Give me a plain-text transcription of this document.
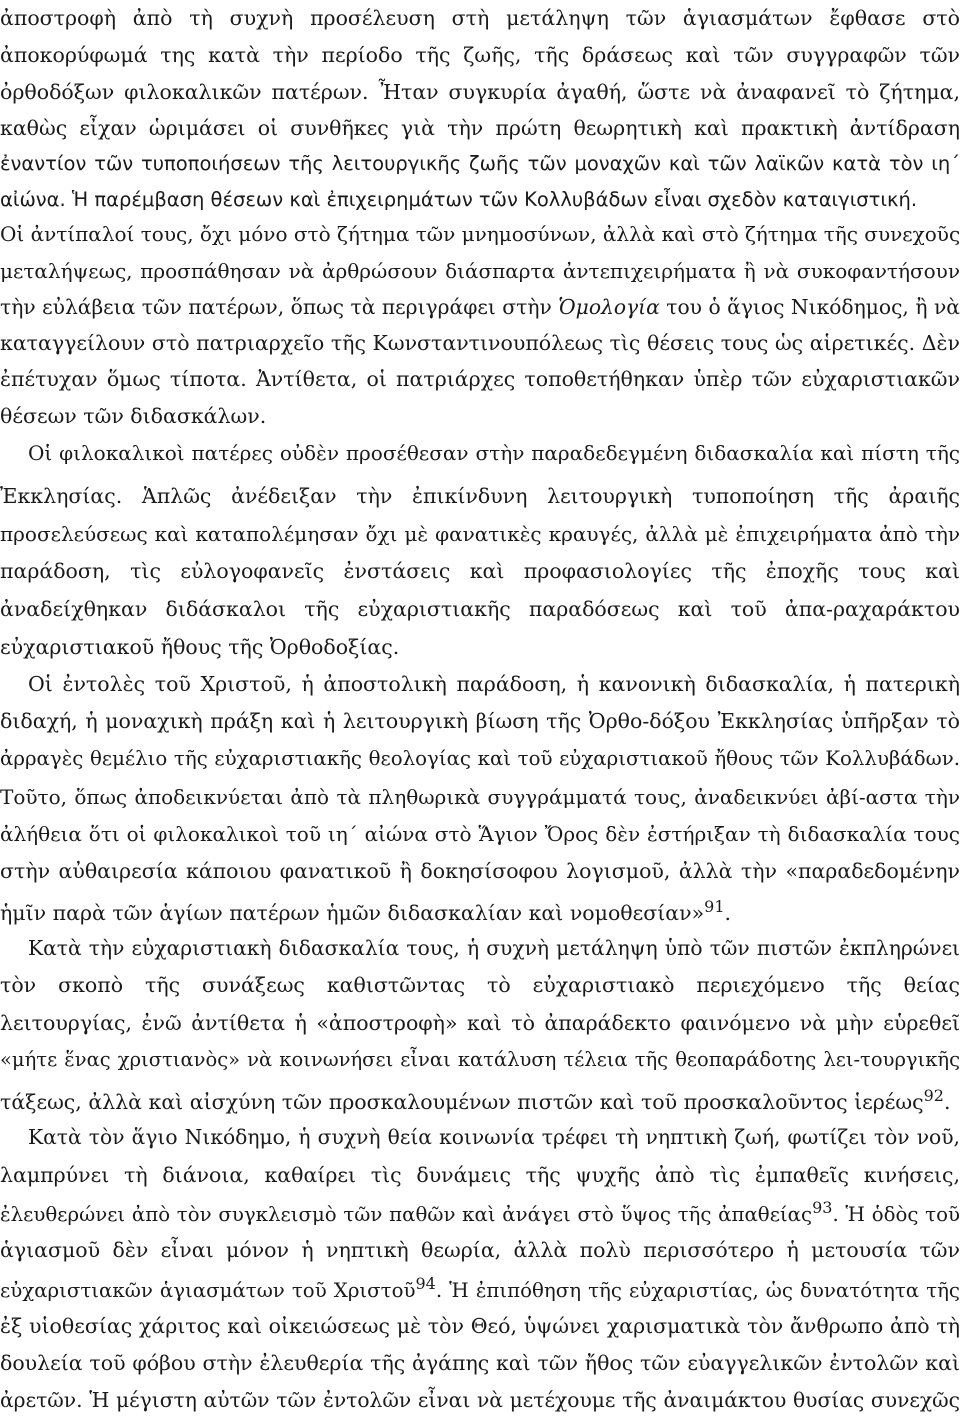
ἀποστροφὴ ἀπὸ τὴ συχνὴ προσέλευση στὴ μετάληψη τῶν ἁγιασμάτων ἔφθασε στὸ
ἀποκορύφωμά της κατὰ τὴν περίοδο τῆς ζωῆς, τῆς δράσεως καὶ τῶν συγγραφῶν τῶν
ὀρθοδόξων φιλοκαλικῶν πατέρων. Ἦταν συγκυρία ἀγαθή, ὥστε νὰ ἀναφανεῖ τὸ ζήτημα,
καθὼς εἶχαν ὡριμάσει οἱ συνθῆκες γιὰ τὴν πρώτη θεωρητικὴ καὶ πρακτικὴ ἀντίδραση
ἐναντίον τῶν τυποποιήσεων τῆς λειτουργικῆς ζωῆς τῶν μοναχῶν καὶ τῶν λαϊκῶν κατὰ τὸν ιη΄
αἰώνα. Ἡ παρέμβαση θέσεων καὶ ἐπιχειρημάτων τῶν Κολλυβάδων εἶναι σχεδὸν καταιγιστική.
Οἱ ἀντίπαλοί τους, ὄχι μόνο στὸ ζήτημα τῶν μνημοσύνων, ἀλλὰ καὶ στὸ ζήτημα τῆς συνεχοῦς
μεταλήψεως, προσπάθησαν νὰ ἀρθρώσουν διάσπαρτα ἀντεπιχειρήματα ἢ νὰ συκοφαντήσουν
τὴν εὐλάβεια τῶν πατέρων, ὅπως τὰ περιγράφει στὴν Ὁμολογία του ὁ ἅγιος Νικόδημος, ἢ νὰ
καταγγείλουν στὸ πατριαρχεῖο τῆς Κωνσταντινουπόλεως τὶς θέσεις τους ὡς αἱρετικές. Δὲν
ἐπέτυχαν ὅμως τίποτα. Ἀντίθετα, οἱ πατριάρχες τοποθετήθηκαν ὑπὲρ τῶν εὐχαριστιακῶν
θέσεων τῶν διδασκάλων.
Οἱ φιλοκαλικοὶ πατέρες οὐδὲν προσέθεσαν στὴν παραδεδεγμένη διδασκαλία καὶ πίστη τῆς
Ἐκκλησίας. Ἁπλῶς ἀνέδειξαν τὴν ἐπικίνδυνη λειτουργικὴ τυποποίηση τῆς ἀραιῆς
προσελεύσεως καὶ καταπολέμησαν ὄχι μὲ φανατικὲς κραυγές, ἀλλὰ μὲ ἐπιχειρήματα ἀπὸ τὴν
παράδοση, τὶς εὐλογοφανεῖς ἐνστάσεις καὶ προφασιολογίες τῆς ἐποχῆς τους καὶ
ἀναδείχθηκαν διδάσκαλοι τῆς εὐχαριστιακῆς παραδόσεως καὶ τοῦ ἀπα-ραχαράκτου
εὐχαριστιακοῦ ἤθους τῆς Ὀρθοδοξίας.
Οἱ ἐντολὲς τοῦ Χριστοῦ, ἡ ἀποστολικὴ παράδοση, ἡ κανονικὴ διδασκαλία, ἡ πατερικὴ
διδαχή, ἡ μοναχικὴ πράξη καὶ ἡ λειτουργικὴ βίωση τῆς Ὀρθο-δόξου Ἐκκλησίας ὑπῆρξαν τὸ
ἀρραγὲς θεμέλιο τῆς εὐχαριστιακῆς θεολογίας καὶ τοῦ εὐχαριστιακοῦ ἤθους τῶν Κολλυβάδων.
Τοῦτο, ὅπως ἀποδεικνύεται ἀπὸ τὰ πληθωρικὰ συγγράμματά τους, ἀναδεικνύει ἀβί-αστα τὴν
ἀλήθεια ὅτι οἱ φιλοκαλικοὶ τοῦ ιη΄ αἰώνα στὸ Ἅγιον Ὄρος δὲν ἐστήριξαν τὴ διδασκαλία τους
στὴν αὐθαιρεσία κάποιου φανατικοῦ ἢ δοκησίσοφου λογισμοῦ, ἀλλὰ τὴν «παραδεδομένην
ἡμῖν παρὰ τῶν ἁγίων πατέρων ἡμῶν διδασκαλίαν καὶ νομοθεσίαν»$^{91}$.
Κατὰ τὴν εὐχαριστιακὴ διδασκαλία τους, ἡ συχνὴ μετάληψη ὑπὸ τῶν πιστῶν ἐκπληρώνει
τὸν σκοπὸ τῆς συνάξεως καθιστῶντας τὸ εὐχαριστιακὸ περιεχόμενο τῆς θείας
λειτουργίας, ἐνῶ ἀντίθετα ἡ «ἀποστροφὴ» καὶ τὸ ἀπαράδεκτο φαινόμενο νὰ μὴν εὑρεθεῖ
«μήτε ἕνας χριστιανὸς» νὰ κοινωνήσει εἶναι κατάλυση τέλεια τῆς θεοπαράδοτης λει-τουργικῆς
τάξεως, ἀλλὰ καὶ αἰσχύνη τῶν προσκαλουμένων πιστῶν καὶ τοῦ προσκαλοῦντος ἱερέως$^{92}$.
Κατὰ τὸν ἅγιο Νικόδημο, ἡ συχνὴ θεία κοινωνία τρέφει τὴ νηπτικὴ ζωή, φωτίζει τὸν νοῦ,
λαμπρύνει τὴ διάνοια, καθαίρει τὶς δυνάμεις τῆς ψυχῆς ἀπὸ τὶς ἐμπαθεῖς κινήσεις,
ἐλευθερώνει ἀπὸ τὸν συγκλεισμὸ τῶν παθῶν καὶ ἀνάγει στὸ ὕψος τῆς ἀπαθείας$^{93}$. Ἡ ὁδὸς τοῦ
ἁγιασμοῦ δὲν εἶναι μόνον ἡ νηπτικὴ θεωρία, ἀλλὰ πολὺ περισσότερο ἡ μετουσία τῶν
εὐχαριστιακῶν ἁγιασμάτων τοῦ Χριστοῦ$^{94}$. Ἡ ἐπιπόθηση τῆς εὐχαριστίας, ὡς δυνατότητα τῆς
ἐξ υἱοθεσίας χάριτος καὶ οἰκειώσεως μὲ τὸν Θεό, ὑψώνει χαρισματικὰ τὸν ἄνθρωπο ἀπὸ τὴ
δουλεία τοῦ φόβου στὴν ἐλευθερία τῆς ἀγάπης καὶ τῶν ἤθος τῶν εὐαγγελικῶν ἐντολῶν καὶ
ἀρετῶν. Ἡ μέγιστη αὐτῶν τῶν ἐντολῶν εἶναι νὰ μετέχουμε τῆς ἀναιμάκτου θυσίας συνεχῶς
